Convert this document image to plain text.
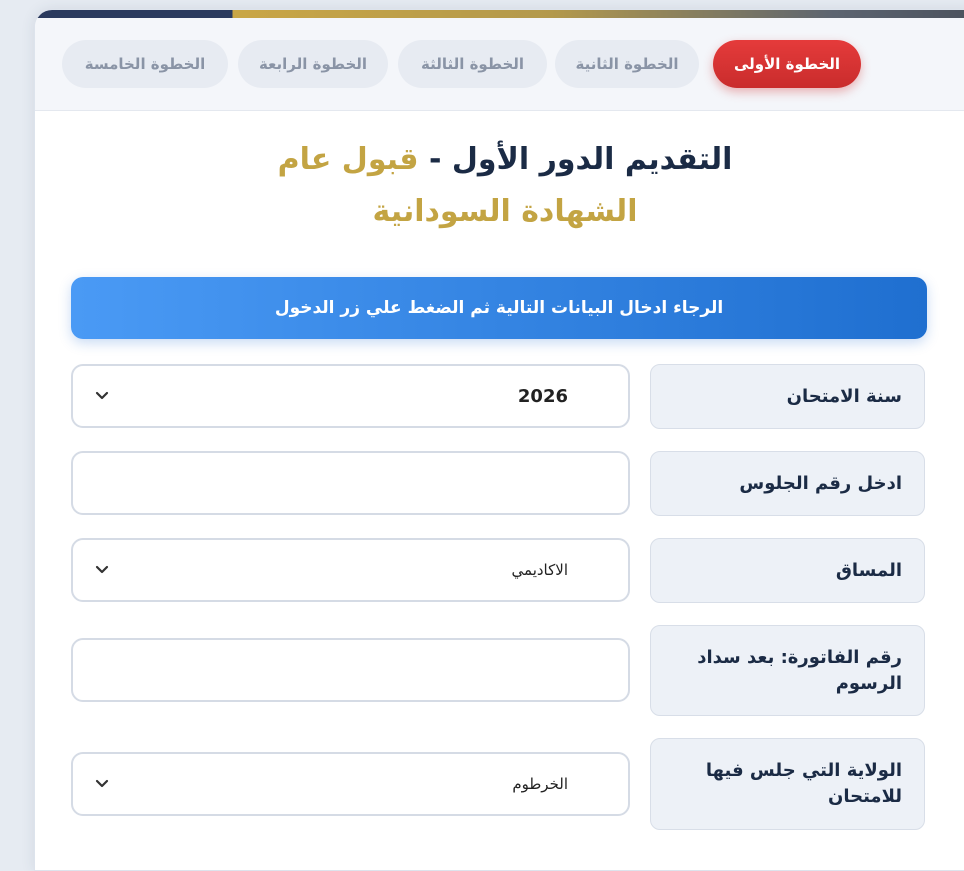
الخطوة الأولى
الخطوة الثانية
الخطوة الثالثة
الخطوة الرابعة
الخطوة الخامسة
التقديم الدور الأول - قبول عام
الشهادة السودانية
الرجاء ادخال البيانات التالية ثم الضغط علي زر الدخول
سنة الامتحان
2026
ادخل رقم الجلوس
المساق
الاكاديمي
رقم الفاتورة: بعد سداد الرسوم
الولاية التي جلس فيها للامتحان
الخرطوم
